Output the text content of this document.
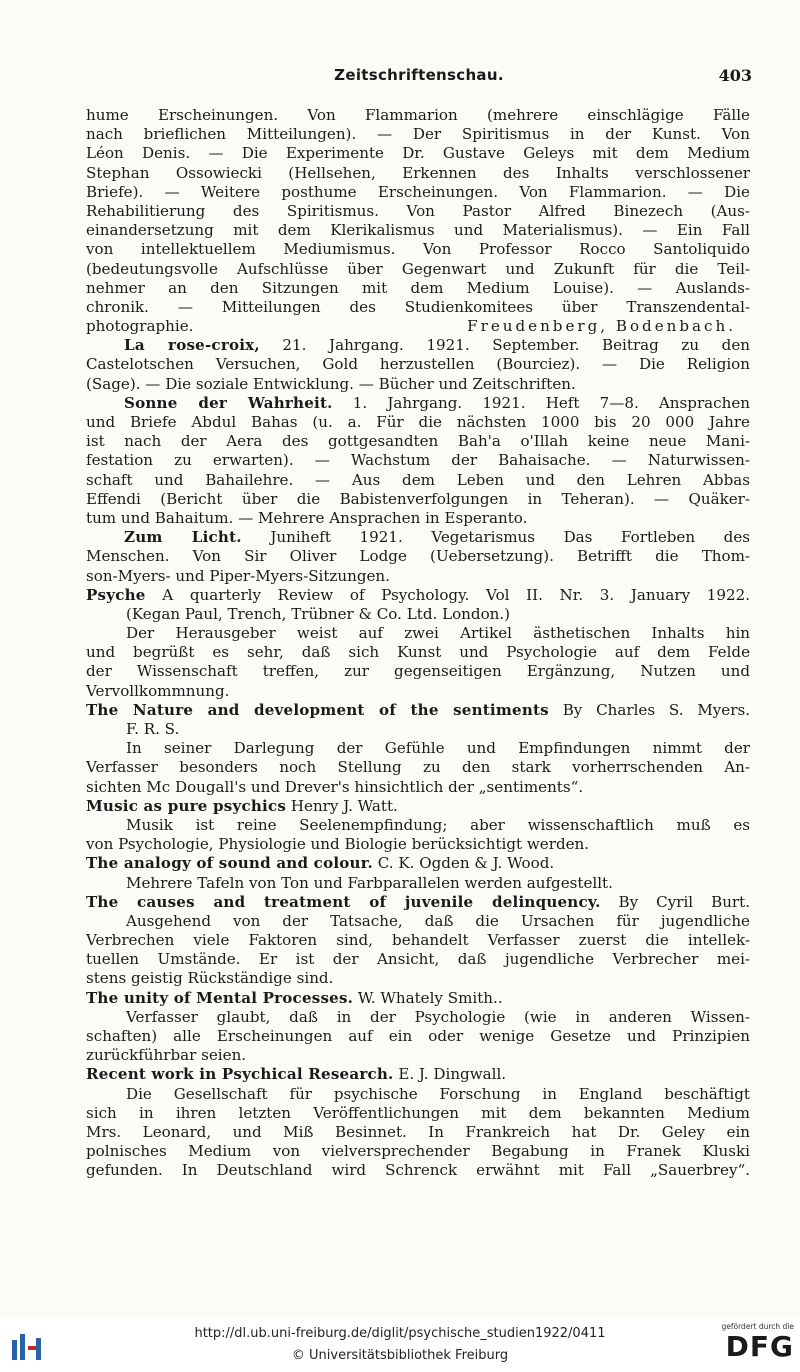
Zeitschriftenschau.	403
hume Erscheinungen. Von Flammarion (mehrere einschlägige Fälle
nach brieflichen Mitteilungen). — Der Spiritismus in der Kunst. Von
Léon Denis. — Die Experimente Dr. Gustave Geleys mit dem Medium
Stephan Ossowiecki (Hellsehen, Erkennen des Inhalts verschlossener
Briefe). — Weitere posthume Erscheinungen. Von Flammarion. — Die
Rehabilitierung des Spiritismus. Von Pastor Alfred Binezech (Aus-
einandersetzung mit dem Klerikalismus und Materialismus). — Ein Fall
von intellektuellem Mediumismus. Von Professor Rocco Santoliquido
(bedeutungsvolle Aufschlüsse über Gegenwart und Zukunft für die Teil-
nehmer an den Sitzungen mit dem Medium Louise). — Auslands-
chronik. — Mitteilungen des Studienkomitees über Transzendental-
photographie.	Freudenberg, Bodenbach.
La rose-croix, 21. Jahrgang. 1921. September. Beitrag zu den
Castelotschen Versuchen, Gold herzustellen (Bourciez). — Die Religion
(Sage). — Die soziale Entwicklung. — Bücher und Zeitschriften.
Sonne der Wahrheit. 1. Jahrgang. 1921. Heft 7—8. Ansprachen
und Briefe Abdul Bahas (u. a. Für die nächsten 1000 bis 20 000 Jahre
ist nach der Aera des gottgesandten Bah'a o'Illah keine neue Mani-
festation zu erwarten). — Wachstum der Bahaisache. — Naturwissen-
schaft und Bahailehre. — Aus dem Leben und den Lehren Abbas
Effendi (Bericht über die Babistenverfolgungen in Teheran). — Quäker-
tum und Bahaitum. — Mehrere Ansprachen in Esperanto.
Zum Licht. Juniheft 1921. Vegetarismus Das Fortleben des
Menschen. Von Sir Oliver Lodge (Uebersetzung). Betrifft die Thom-
son-Myers- und Piper-Myers-Sitzungen.
Psyche A quarterly Review of Psychology. Vol II. Nr. 3. January 1922.
(Kegan Paul, Trench, Trübner & Co. Ltd. London.)
Der Herausgeber weist auf zwei Artikel ästhetischen Inhalts hin
und begrüßt es sehr, daß sich Kunst und Psychologie auf dem Felde
der Wissenschaft treffen, zur gegenseitigen Ergänzung, Nutzen und
Vervollkommnung.
The Nature and development of the sentiments By Charles S. Myers.
F. R. S.
In seiner Darlegung der Gefühle und Empfindungen nimmt der
Verfasser besonders noch Stellung zu den stark vorherrschenden An-
sichten Mc Dougall's und Drever's hinsichtlich der „sentiments“.
Music as pure psychics Henry J. Watt.
Musik ist reine Seelenempfindung; aber wissenschaftlich muß es
von Psychologie, Physiologie und Biologie berücksichtigt werden.
The analogy of sound and colour. C. K. Ogden & J. Wood.
Mehrere Tafeln von Ton und Farbparallelen werden aufgestellt.
The causes and treatment of juvenile delinquency. By Cyril Burt.
Ausgehend von der Tatsache, daß die Ursachen für jugendliche
Verbrechen viele Faktoren sind, behandelt Verfasser zuerst die intellek-
tuellen Umstände. Er ist der Ansicht, daß jugendliche Verbrecher mei-
stens geistig Rückständige sind.
The unity of Mental Processes. W. Whately Smith..
Verfasser glaubt, daß in der Psychologie (wie in anderen Wissen-
schaften) alle Erscheinungen auf ein oder wenige Gesetze und Prinzipien
zurückführbar seien.
Recent work in Psychical Research. E. J. Dingwall.
Die Gesellschaft für psychische Forschung in England beschäftigt
sich in ihren letzten Veröffentlichungen mit dem bekannten Medium
Mrs. Leonard, und Miß Besinnet. In Frankreich hat Dr. Geley ein
polnisches Medium von vielversprechender Begabung in Franek Kluski
gefunden. In Deutschland wird Schrenck erwähnt mit Fall „Sauerbrey“.
http://dl.ub.uni-freiburg.de/diglit/psychische_studien1922/0411
© Universitätsbibliothek Freiburg
gefördert durch die
DFG
